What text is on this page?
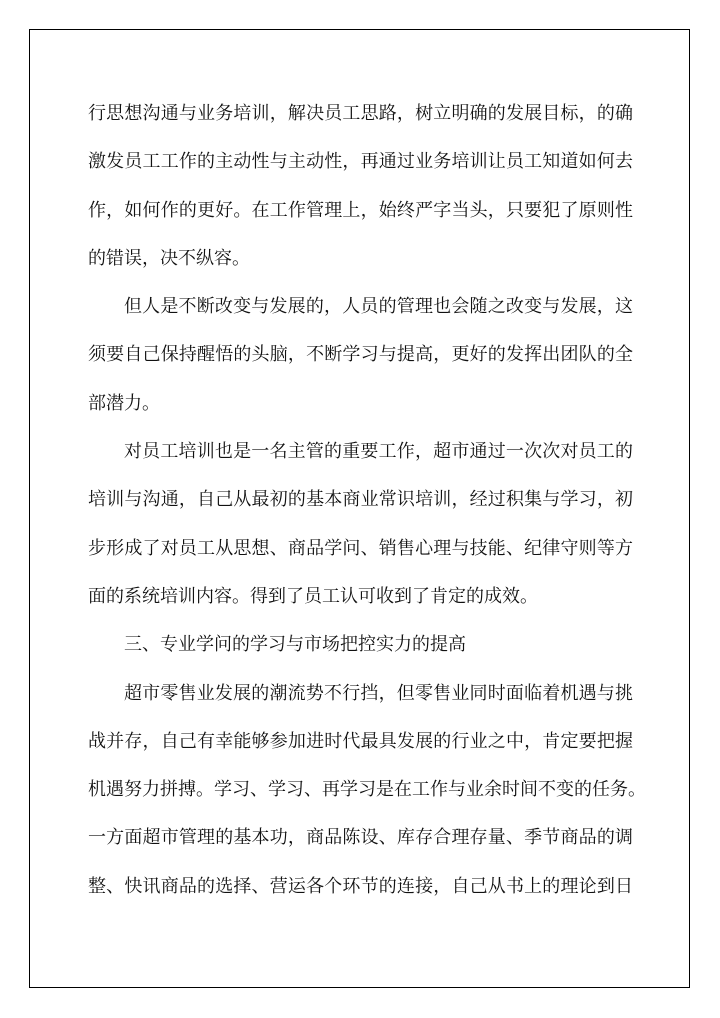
行思想沟通与业务培训，解决员工思路，树立明确的发展目标，的确
激发员工工作的主动性与主动性，再通过业务培训让员工知道如何去
作，如何作的更好。在工作管理上，始终严字当头，只要犯了原则性
的错误，决不纵容。
但人是不断改变与发展的，人员的管理也会随之改变与发展，这
须要自己保持醒悟的头脑，不断学习与提高，更好的发挥出团队的全
部潜力。
对员工培训也是一名主管的重要工作，超市通过一次次对员工的
培训与沟通，自己从最初的基本商业常识培训，经过积集与学习，初
步形成了对员工从思想、商品学问、销售心理与技能、纪律守则等方
面的系统培训内容。得到了员工认可收到了肯定的成效。
三、专业学问的学习与市场把控实力的提高
超市零售业发展的潮流势不行挡，但零售业同时面临着机遇与挑
战并存，自己有幸能够参加进时代最具发展的行业之中，肯定要把握
机遇努力拼搏。学习、学习、再学习是在工作与业余时间不变的任务。
一方面超市管理的基本功，商品陈设、库存合理存量、季节商品的调
整、快讯商品的选择、营运各个环节的连接，自己从书上的理论到日
